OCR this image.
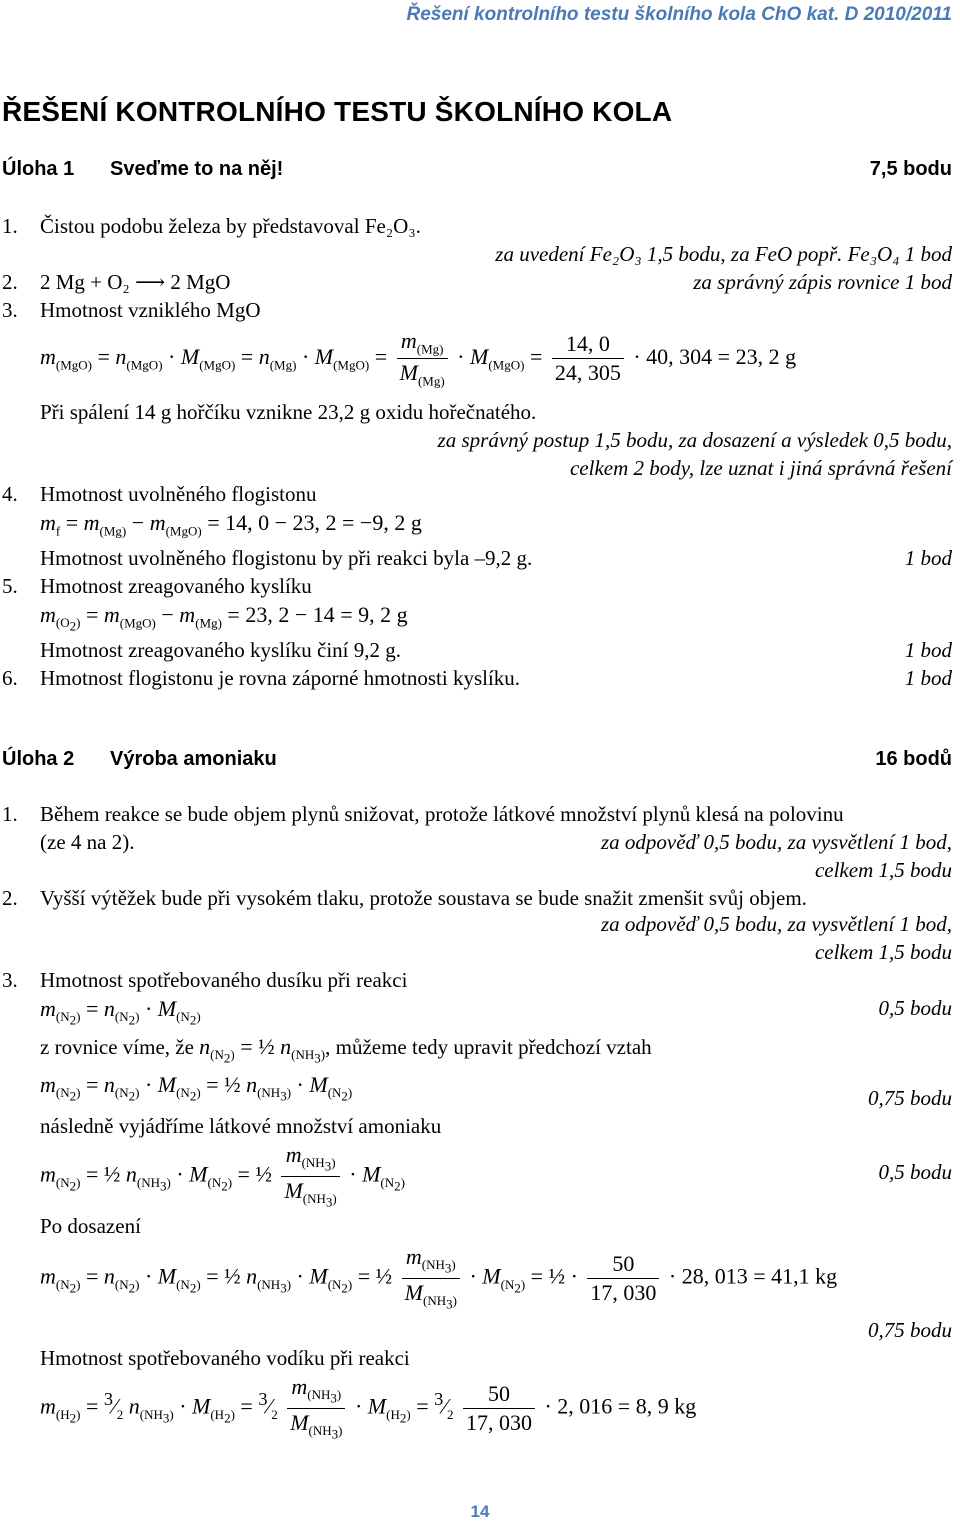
Řešení kontrolního testu školního kola ChO kat. D 2010/2011
ŘEŠENÍ KONTROLNÍHO TESTU ŠKOLNÍHO KOLA
Úloha 1 Sveďme to na něj!	7,5 bodu
1. Čistou podobu železa by představoval Fe₂O₃.
za uvedení Fe₂O₃ 1,5 bodu, za FeO popř. Fe₃O₄ 1 bod
2. 2 Mg + O₂ ⟶ 2 MgO	za správný zápis rovnice 1 bod
3. Hmotnost vzniklého MgO
$m_{(MgO)} = n_{(MgO)} \cdot M_{(MgO)} = n_{(Mg)} \cdot M_{(MgO)} = \frac{m_{(Mg)}}{M_{(Mg)}} \cdot M_{(MgO)} = \frac{14, 0}{24, 305} \cdot 40$, 304 = 23, 2 g
Při spálení 14 g hořčíku vznikne 23,2 g oxidu hořečnatého.
za správný postup 1,5 bodu, za dosazení a výsledek 0,5 bodu,
celkem 2 body, lze uznat i jiná správná řešení
4. Hmotnost uvolněného flogistonu
$m_f = m_{(Mg)} - m_{(MgO)} = 14$, 0 − 23, 2 = −9, 2 g
Hmotnost uvolněného flogistonu by při reakci byla –9,2 g.	1 bod
5. Hmotnost zreagovaného kyslíku
$m_{(O_2)} = m_{(MgO)} - m_{(Mg)} = 23$, 2 − 14 = 9, 2 g
Hmotnost zreagovaného kyslíku činí 9,2 g.	1 bod
6. Hmotnost flogistonu je rovna záporné hmotnosti kyslíku.	1 bod
Úloha 2 Výroba amoniaku	16 bodů
1. Během reakce se bude objem plynů snižovat, protože látkové množství plynů klesá na polovinu
(ze 4 na 2).	za odpověď 0,5 bodu, za vysvětlení 1 bod,
celkem 1,5 bodu
2. Vyšší výtěžek bude při vysokém tlaku, protože soustava se bude snažit zmenšit svůj objem.
za odpověď 0,5 bodu, za vysvětlení 1 bod,
celkem 1,5 bodu
3. Hmotnost spotřebovaného dusíku při reakci
$m_{(N_2)} = n_{(N_2)} \cdot M_{(N_2)}$	0,5 bodu
z rovnice víme, že $n_{(N_2)}$ = ½ $n_{(NH_3)}$, můžeme tedy upravit předchozí vztah
$m_{(N_2)} = n_{(N_2)} \cdot M_{(N_2)}$ = ½ $n_{(NH_3)} \cdot M_{(N_2)}$	0,75 bodu
následně vyjádříme látkové množství amoniaku
$m_{(N_2)}$ = ½ $n_{(NH_3)} \cdot M_{(N_2)}$ = ½ $\frac{m_{(NH_3)}}{M_{(NH_3)}} \cdot M_{(N_2)}$	0,5 bodu
Po dosazení
$m_{(N_2)} = n_{(N_2)} \cdot M_{(N_2)}$ = ½ $n_{(NH_3)} \cdot M_{(N_2)}$ = ½ $\frac{m_{(NH_3)}}{M_{(NH_3)}} \cdot M_{(N_2)}$ = ½ · $\frac{50}{17, 030} \cdot 28$, 013 = 41,1 kg
0,75 bodu
Hmotnost spotřebovaného vodíku při reakci
$m_{(H_2)}$ = $^3⁄_2$ $n_{(NH_3)} \cdot M_{(H_2)}$ = $^3⁄_2 \frac{m_{(NH_3)}}{M_{(NH_3)}} \cdot M_{(H_2)}$ = $^3⁄_2 \frac{50}{17, 030} \cdot 2$, 016 = 8, 9 kg
14
